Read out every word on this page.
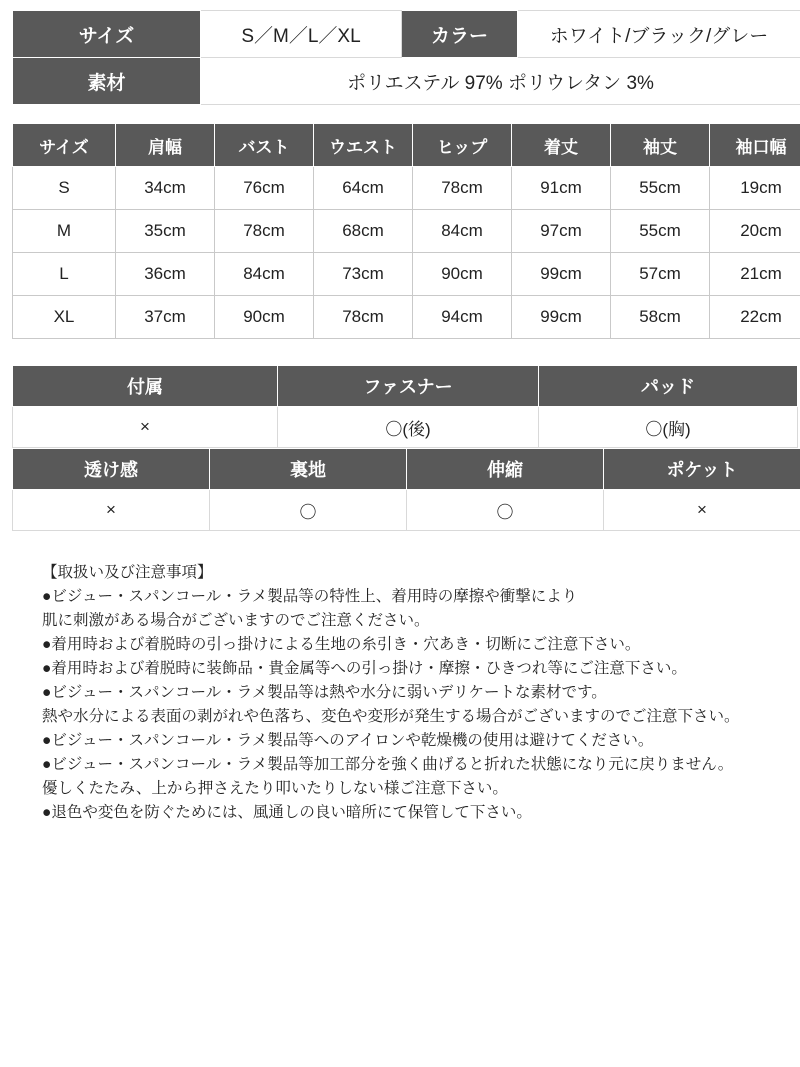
サイズ	S／M／L／XL	カラー	ホワイト/ブラック/グレー
素材	ポリエステル 97% ポリウレタン 3%		
サイズ	肩幅	バスト	ウエスト	ヒップ	着丈	袖丈	袖口幅
S	34cm	76cm	64cm	78cm	91cm	55cm	19cm
M	35cm	78cm	68cm	84cm	97cm	55cm	20cm
L	36cm	84cm	73cm	90cm	99cm	57cm	21cm
XL	37cm	90cm	78cm	94cm	99cm	58cm	22cm
付属	ファスナー	パッド
×	〇(後)	〇(胸)
透け感	裏地	伸縮	ポケット
×	〇	〇	×
【取扱い及び注意事項】
●ビジュー・スパンコール・ラメ製品等の特性上、着用時の摩擦や衝撃により
肌に刺激がある場合がございますのでご注意ください。
●着用時および着脱時の引っ掛けによる生地の糸引き・穴あき・切断にご注意下さい。
●着用時および着脱時に装飾品・貴金属等への引っ掛け・摩擦・ひきつれ等にご注意下さい。
●ビジュー・スパンコール・ラメ製品等は熱や水分に弱いデリケートな素材です。
熱や水分による表面の剥がれや色落ち、変色や変形が発生する場合がございますのでご注意下さい。
●ビジュー・スパンコール・ラメ製品等へのアイロンや乾燥機の使用は避けてください。
●ビジュー・スパンコール・ラメ製品等加工部分を強く曲げると折れた状態になり元に戻りません。
優しくたたみ、上から押さえたり叩いたりしない様ご注意下さい。
●退色や変色を防ぐためには、風通しの良い暗所にて保管して下さい。
